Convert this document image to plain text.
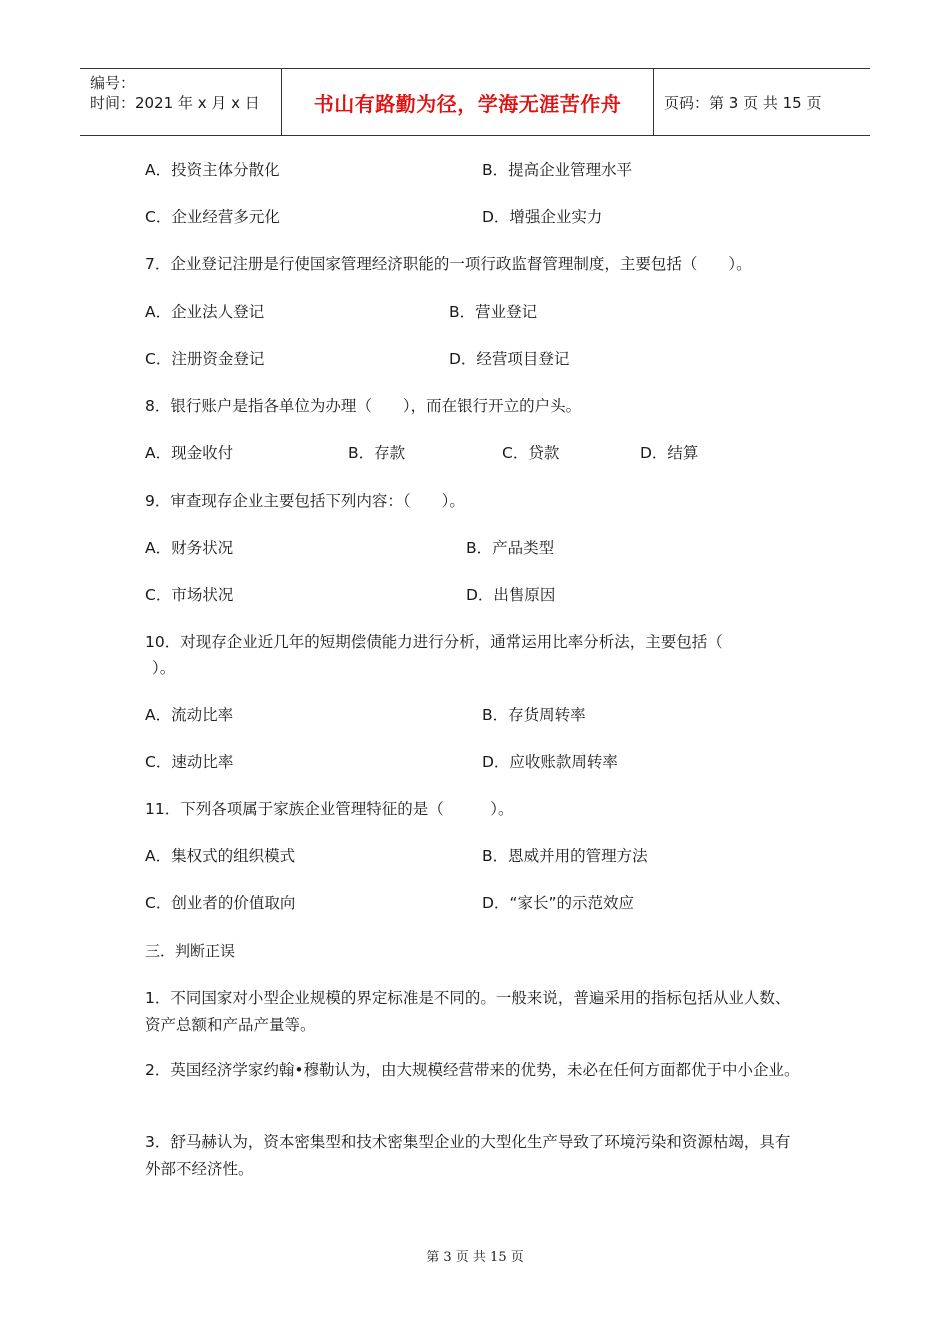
编号：
时间：2021 年 x 月 x 日	书山有路勤为径，学海无涯苦作舟	页码：第 3 页 共 15 页
A．投资主体分散化	B．提高企业管理水平
C．企业经营多元化	D．增强企业实力
7．企业登记注册是行使国家管理经济职能的一项行政监督管理制度，主要包括（　　）。
A．企业法人登记	B．营业登记
C．注册资金登记	D．经营项目登记
8．银行账户是指各单位为办理（　　），而在银行开立的户头。
A．现金收付	B．存款	C．贷款	D．结算
9．审查现存企业主要包括下列内容：（　　）。
A．财务状况	B．产品类型
C．市场状况	D．出售原因
10．对现存企业近几年的短期偿债能力进行分析，通常运用比率分析法，主要包括（
）。
A．流动比率	B．存货周转率
C．速动比率	D．应收账款周转率
11．下列各项属于家族企业管理特征的是（　　　）。
A．集权式的组织模式	B．恩威并用的管理方法
C．创业者的价值取向	D．“家长”的示范效应
三．判断正误
1．不同国家对小型企业规模的界定标准是不同的。一般来说，普遍采用的指标包括从业人数、资产总额和产品产量等。
2．英国经济学家约翰•穆勒认为，由大规模经营带来的优势，未必在任何方面都优于中小企业。
3．舒马赫认为，资本密集型和技术密集型企业的大型化生产导致了环境污染和资源枯竭，具有外部不经济性。
第 3 页 共 15 页
